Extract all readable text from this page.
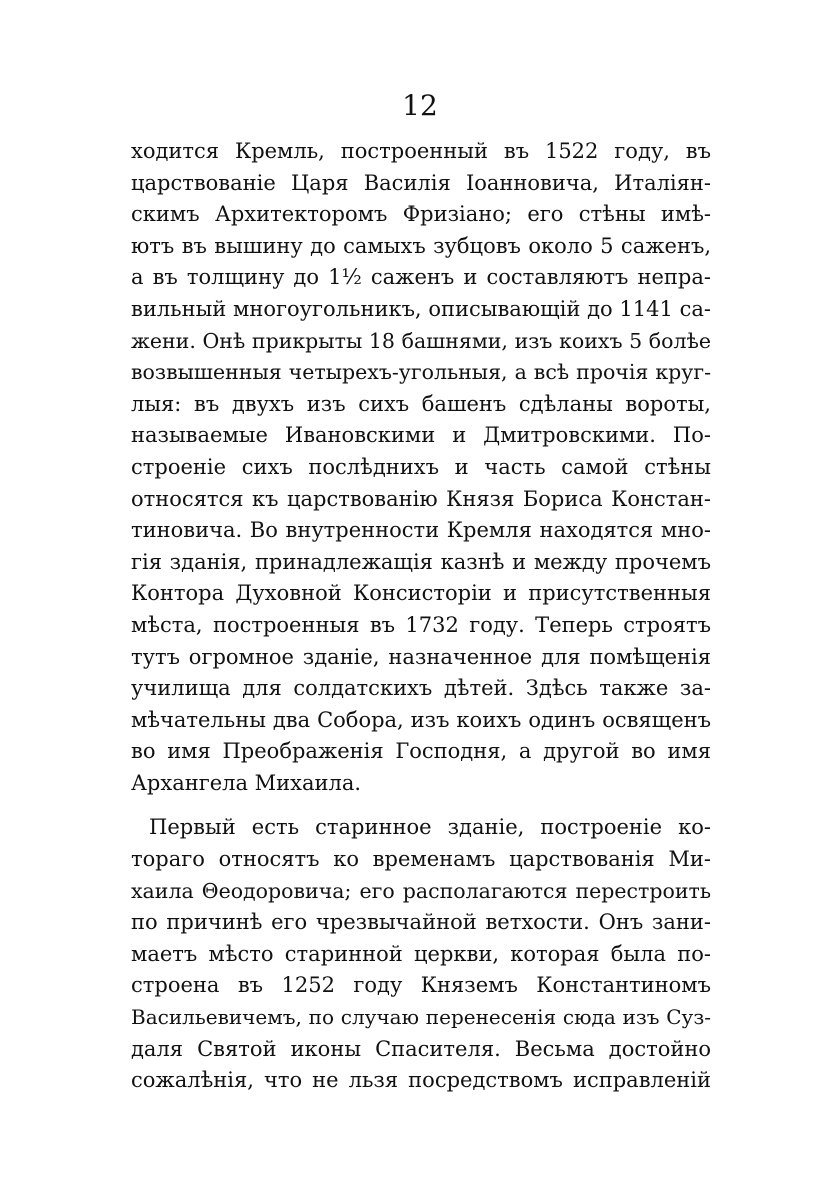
12
ходится Кремль, построенный въ 1522 году, въ
царствованіе Царя Василія Іоанновича, Италіян-
скимъ Архитекторомъ Фризіано; его стѣны имѣ-
ютъ въ вышину до самыхъ зубцовъ около 5 саженъ,
а въ толщину до 1½ саженъ и составляютъ непра-
вильный многоугольникъ, описывающій до 1141 са-
жени. Онѣ прикрыты 18 башнями, изъ коихъ 5 болѣе
возвышенныя четырехъ-угольныя, а всѣ прочія круг-
лыя: въ двухъ изъ сихъ башенъ сдѣланы вороты,
называемые Ивановскими и Дмитровскими. По-
строеніе сихъ послѣднихъ и часть самой стѣны
относятся къ царствованію Князя Бориса Констан-
тиновича. Во внутренности Кремля находятся мно-
гія зданія, принадлежащія казнѣ и между прочемъ
Контора Духовной Консисторіи и присутственныя
мѣста, построенныя въ 1732 году. Теперь строятъ
тутъ огромное зданіе, назначенное для помѣщенія
училища для солдатскихъ дѣтей. Здѣсь также за-
мѣчательны два Собора, изъ коихъ одинъ освященъ
во имя Преображенія Господня, а другой во имя
Архангела Михаила.
Первый есть старинное зданіе, построеніе ко-
тораго относятъ ко временамъ царствованія Ми-
хаила Θеодоровича; его располагаются перестроить
по причинѣ его чрезвычайной ветхости. Онъ зани-
маетъ мѣсто старинной церкви, которая была по-
строена въ 1252 году Княземъ Константиномъ
Васильевичемъ, по случаю перенесенія сюда изъ Суз-
даля Святой иконы Спасителя. Весьма достойно
сожалѣнія, что не льзя посредствомъ исправленій
